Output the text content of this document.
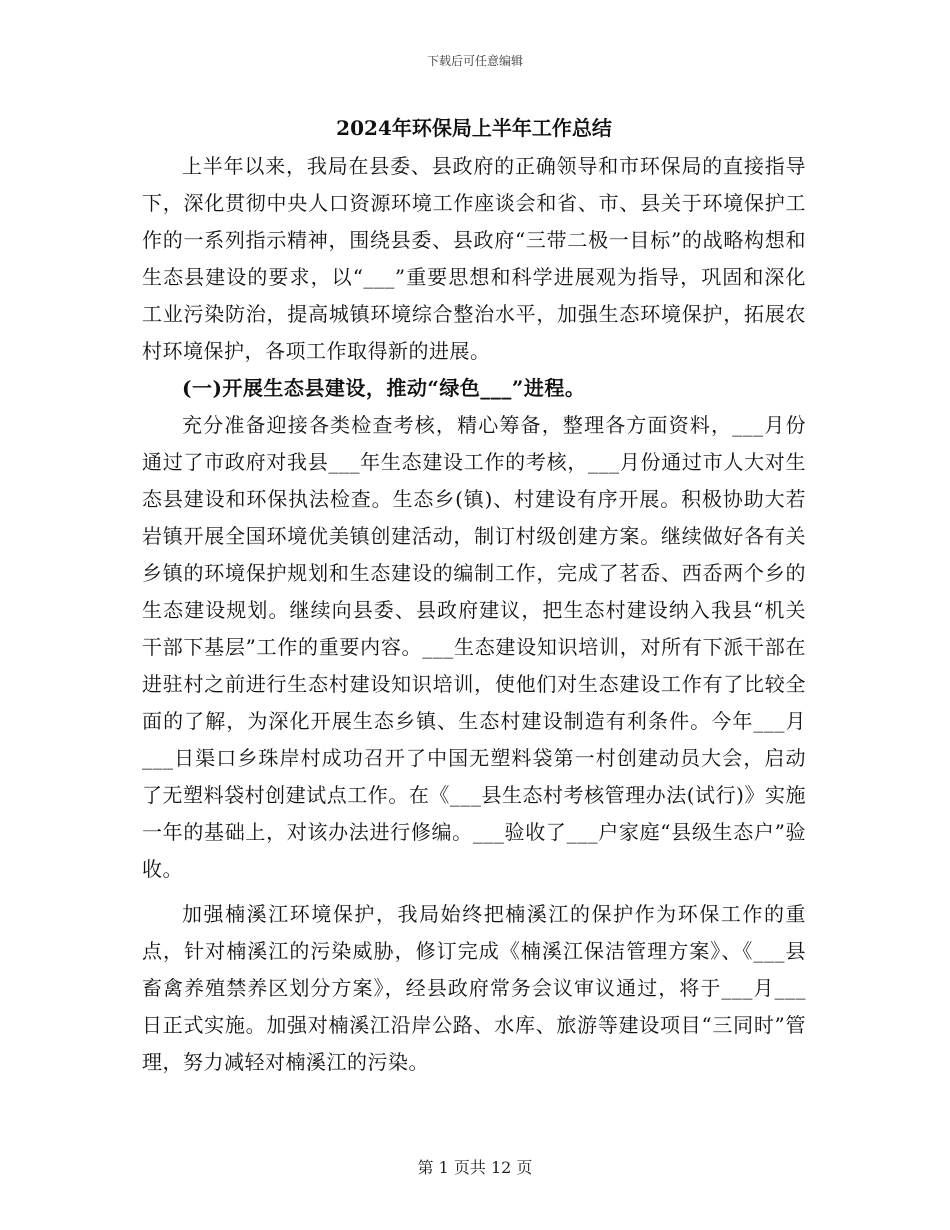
下载后可任意编辑
2024年环保局上半年工作总结

上半年以来，我局在县委、县政府的正确领导和市环保局的直接指导下，深化贯彻中央人口资源环境工作座谈会和省、市、县关于环境保护工作的一系列指示精神，围绕县委、县政府“三带二极一目标”的战略构想和生态县建设的要求，以“___”重要思想和科学进展观为指导，巩固和深化工业污染防治，提高城镇环境综合整治水平，加强生态环境保护，拓展农村环境保护，各项工作取得新的进展。

(一)开展生态县建设，推动“绿色___”进程。

充分准备迎接各类检查考核，精心筹备，整理各方面资料，___月份通过了市政府对我县___年生态建设工作的考核，___月份通过市人大对生态县建设和环保执法检查。生态乡(镇)、村建设有序开展。积极协助大若岩镇开展全国环境优美镇创建活动，制订村级创建方案。继续做好各有关乡镇的环境保护规划和生态建设的编制工作，完成了茗岙、西岙两个乡的生态建设规划。继续向县委、县政府建议，把生态村建设纳入我县“机关干部下基层”工作的重要内容。___生态建设知识培训，对所有下派干部在进驻村之前进行生态村建设知识培训，使他们对生态建设工作有了比较全面的了解，为深化开展生态乡镇、生态村建设制造有利条件。今年___月___日渠口乡珠岸村成功召开了中国无塑料袋第一村创建动员大会，启动了无塑料袋村创建试点工作。在《___县生态村考核管理办法(试行)》实施一年的基础上，对该办法进行修编。___验收了___户家庭“县级生态户”验收。

加强楠溪江环境保护，我局始终把楠溪江的保护作为环保工作的重点，针对楠溪江的污染威胁，修订完成《楠溪江保洁管理方案》、《___县畜禽养殖禁养区划分方案》，经县政府常务会议审议通过，将于___月___日正式实施。加强对楠溪江沿岸公路、水库、旅游等建设项目“三同时”管理，努力减轻对楠溪江的污染。

第 1 页共 12 页
